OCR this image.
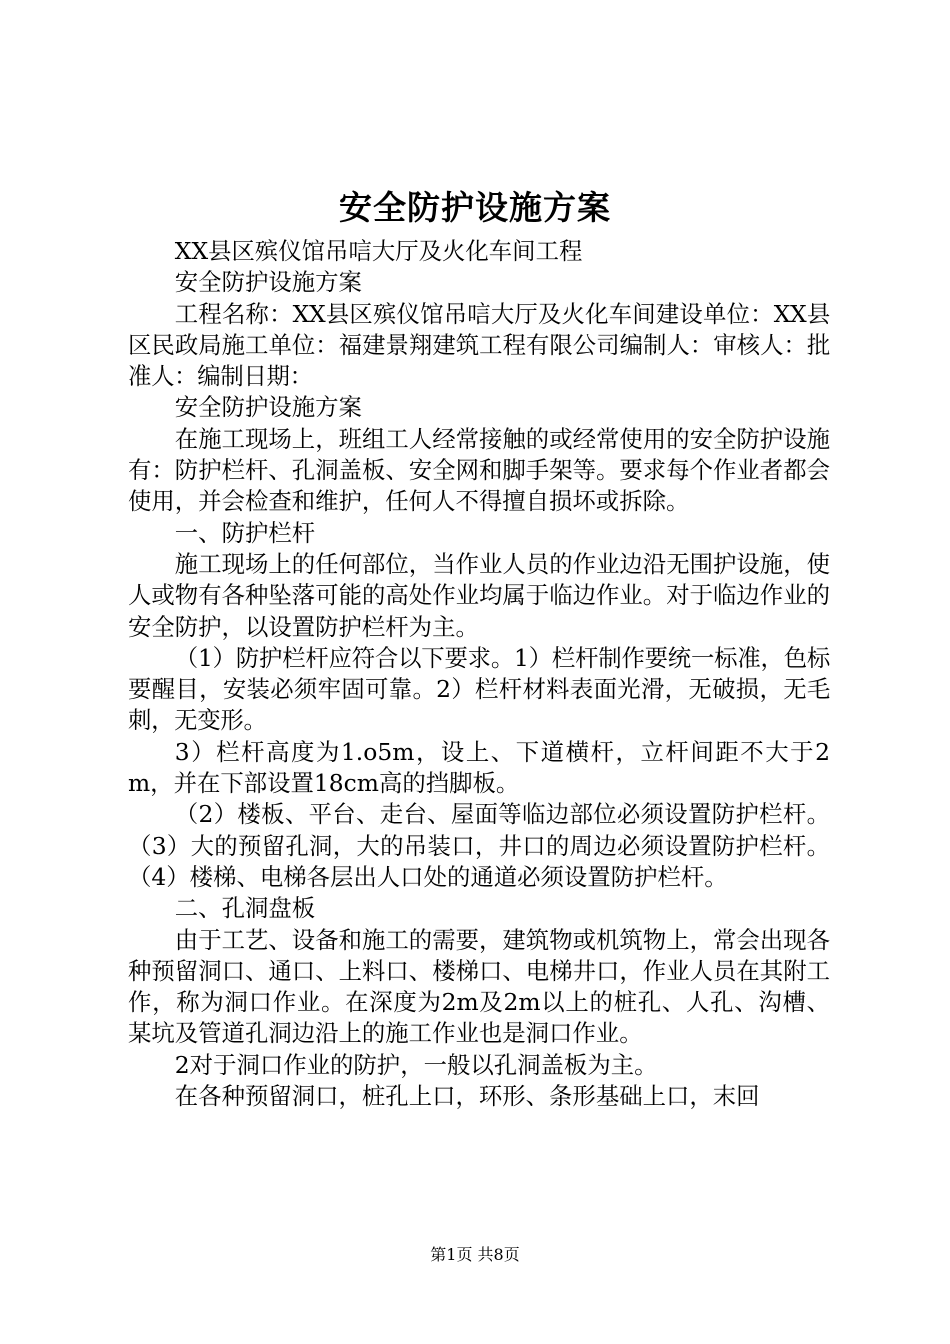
安全防护设施方案

XX县区殡仪馆吊唁大厅及火化车间工程

安全防护设施方案

工程名称：XX县区殡仪馆吊唁大厅及火化车间建设单位：XX县区民政局施工单位：福建景翔建筑工程有限公司编制人：审核人：批准人：编制日期：

安全防护设施方案

在施工现场上，班组工人经常接触的或经常使用的安全防护设施有：防护栏杆、孔洞盖板、安全网和脚手架等。要求每个作业者都会使用，并会检查和维护，任何人不得擅自损坏或拆除。

一、防护栏杆

施工现场上的任何部位，当作业人员的作业边沿无围护设施，使人或物有各种坠落可能的高处作业均属于临边作业。对于临边作业的安全防护，以设置防护栏杆为主。

（1）防护栏杆应符合以下要求。1）栏杆制作要统一标准，色标要醒目，安装必须牢固可靠。2）栏杆材料表面光滑，无破损，无毛刺，无变形。

3）栏杆高度为1.o5m，设上、下道横杆，立杆间距不大于2m，并在下部设置18cm高的挡脚板。

（2）楼板、平台、走台、屋面等临边部位必须设置防护栏杆。（3）大的预留孔洞，大的吊装口，井口的周边必须设置防护栏杆。（4）楼梯、电梯各层出人口处的通道必须设置防护栏杆。

二、孔洞盘板

由于工艺、设备和施工的需要，建筑物或机筑物上，常会出现各种预留洞口、通口、上料口、楼梯口、电梯井口，作业人员在其附工作，称为洞口作业。在深度为2m及2m以上的桩孔、人孔、沟槽、某坑及管道孔洞边沿上的施工作业也是洞口作业。

2对于洞口作业的防护，一般以孔洞盖板为主。

在各种预留洞口，桩孔上口，环形、条形基础上口，末回

第1页 共8页
